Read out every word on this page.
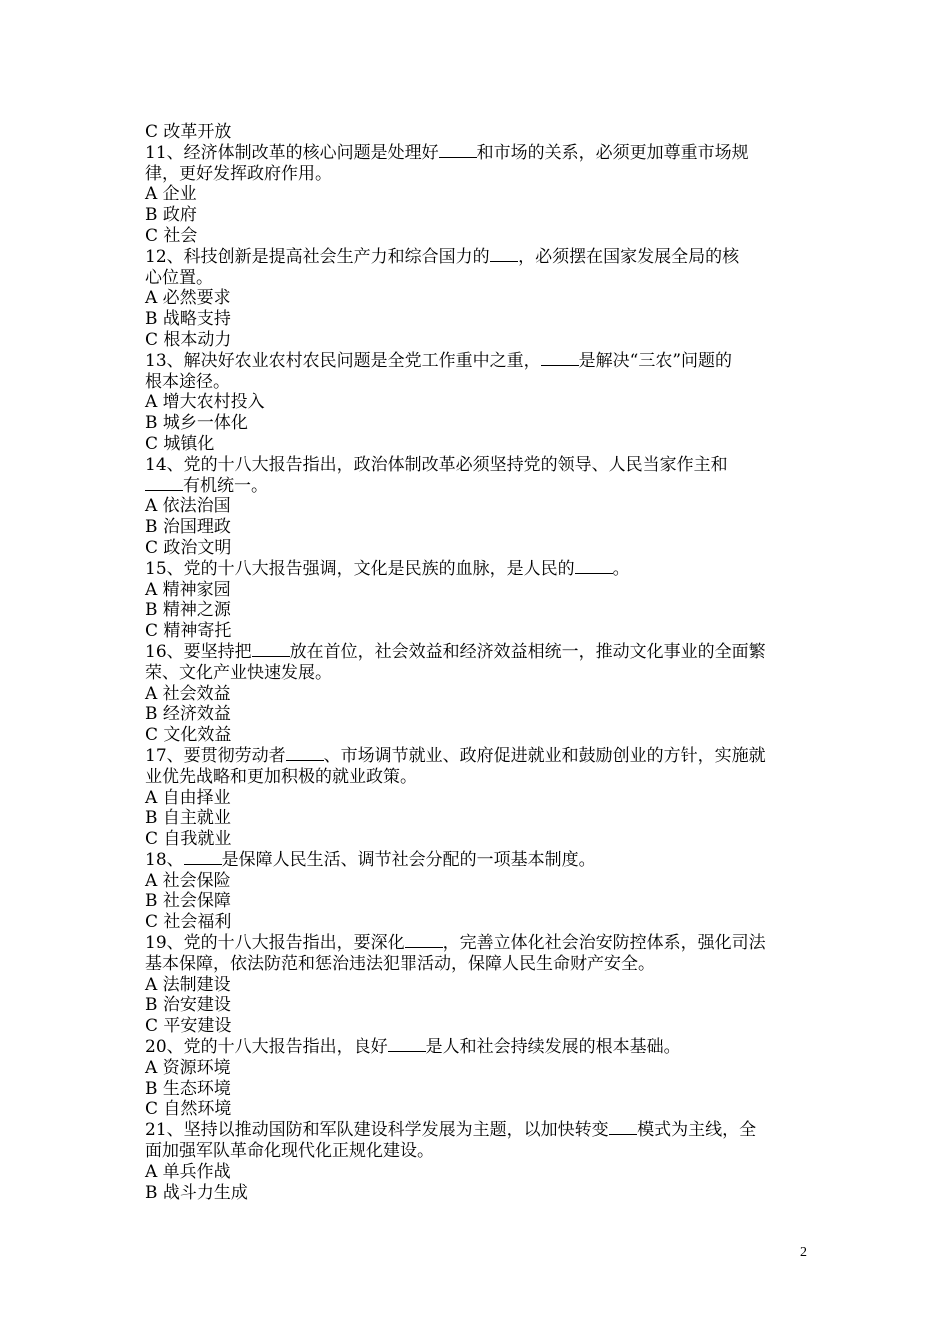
C 改革开放
11、经济体制改革的核心问题是处理好 和市场的关系，必须更加尊重市场规
律，更好发挥政府作用。
A 企业
B 政府
C 社会
12、科技创新是提高社会生产力和综合国力的 ，必须摆在国家发展全局的核
心位置。
A 必然要求
B 战略支持
C 根本动力
13、解决好农业农村农民问题是全党工作重中之重， 是解决“三农”问题的
根本途径。
A 增大农村投入
B 城乡一体化
C 城镇化
14、党的十八大报告指出，政治体制改革必须坚持党的领导、人民当家作主和
有机统一。
A 依法治国
B 治国理政
C 政治文明
15、党的十八大报告强调，文化是民族的血脉，是人民的 。
A 精神家园
B 精神之源
C 精神寄托
16、要坚持把 放在首位，社会效益和经济效益相统一，推动文化事业的全面繁
荣、文化产业快速发展。
A 社会效益
B 经济效益
C 文化效益
17、要贯彻劳动者 、市场调节就业、政府促进就业和鼓励创业的方针，实施就
业优先战略和更加积极的就业政策。
A 自由择业
B 自主就业
C 自我就业
18、 是保障人民生活、调节社会分配的一项基本制度。
A 社会保险
B 社会保障
C 社会福利
19、党的十八大报告指出，要深化 ，完善立体化社会治安防控体系，强化司法
基本保障，依法防范和惩治违法犯罪活动，保障人民生命财产安全。
A 法制建设
B 治安建设
C 平安建设
20、党的十八大报告指出，良好 是人和社会持续发展的根本基础。
A 资源环境
B 生态环境
C 自然环境
21、坚持以推动国防和军队建设科学发展为主题，以加快转变 模式为主线，全
面加强军队革命化现代化正规化建设。
A 单兵作战
B 战斗力生成
2
